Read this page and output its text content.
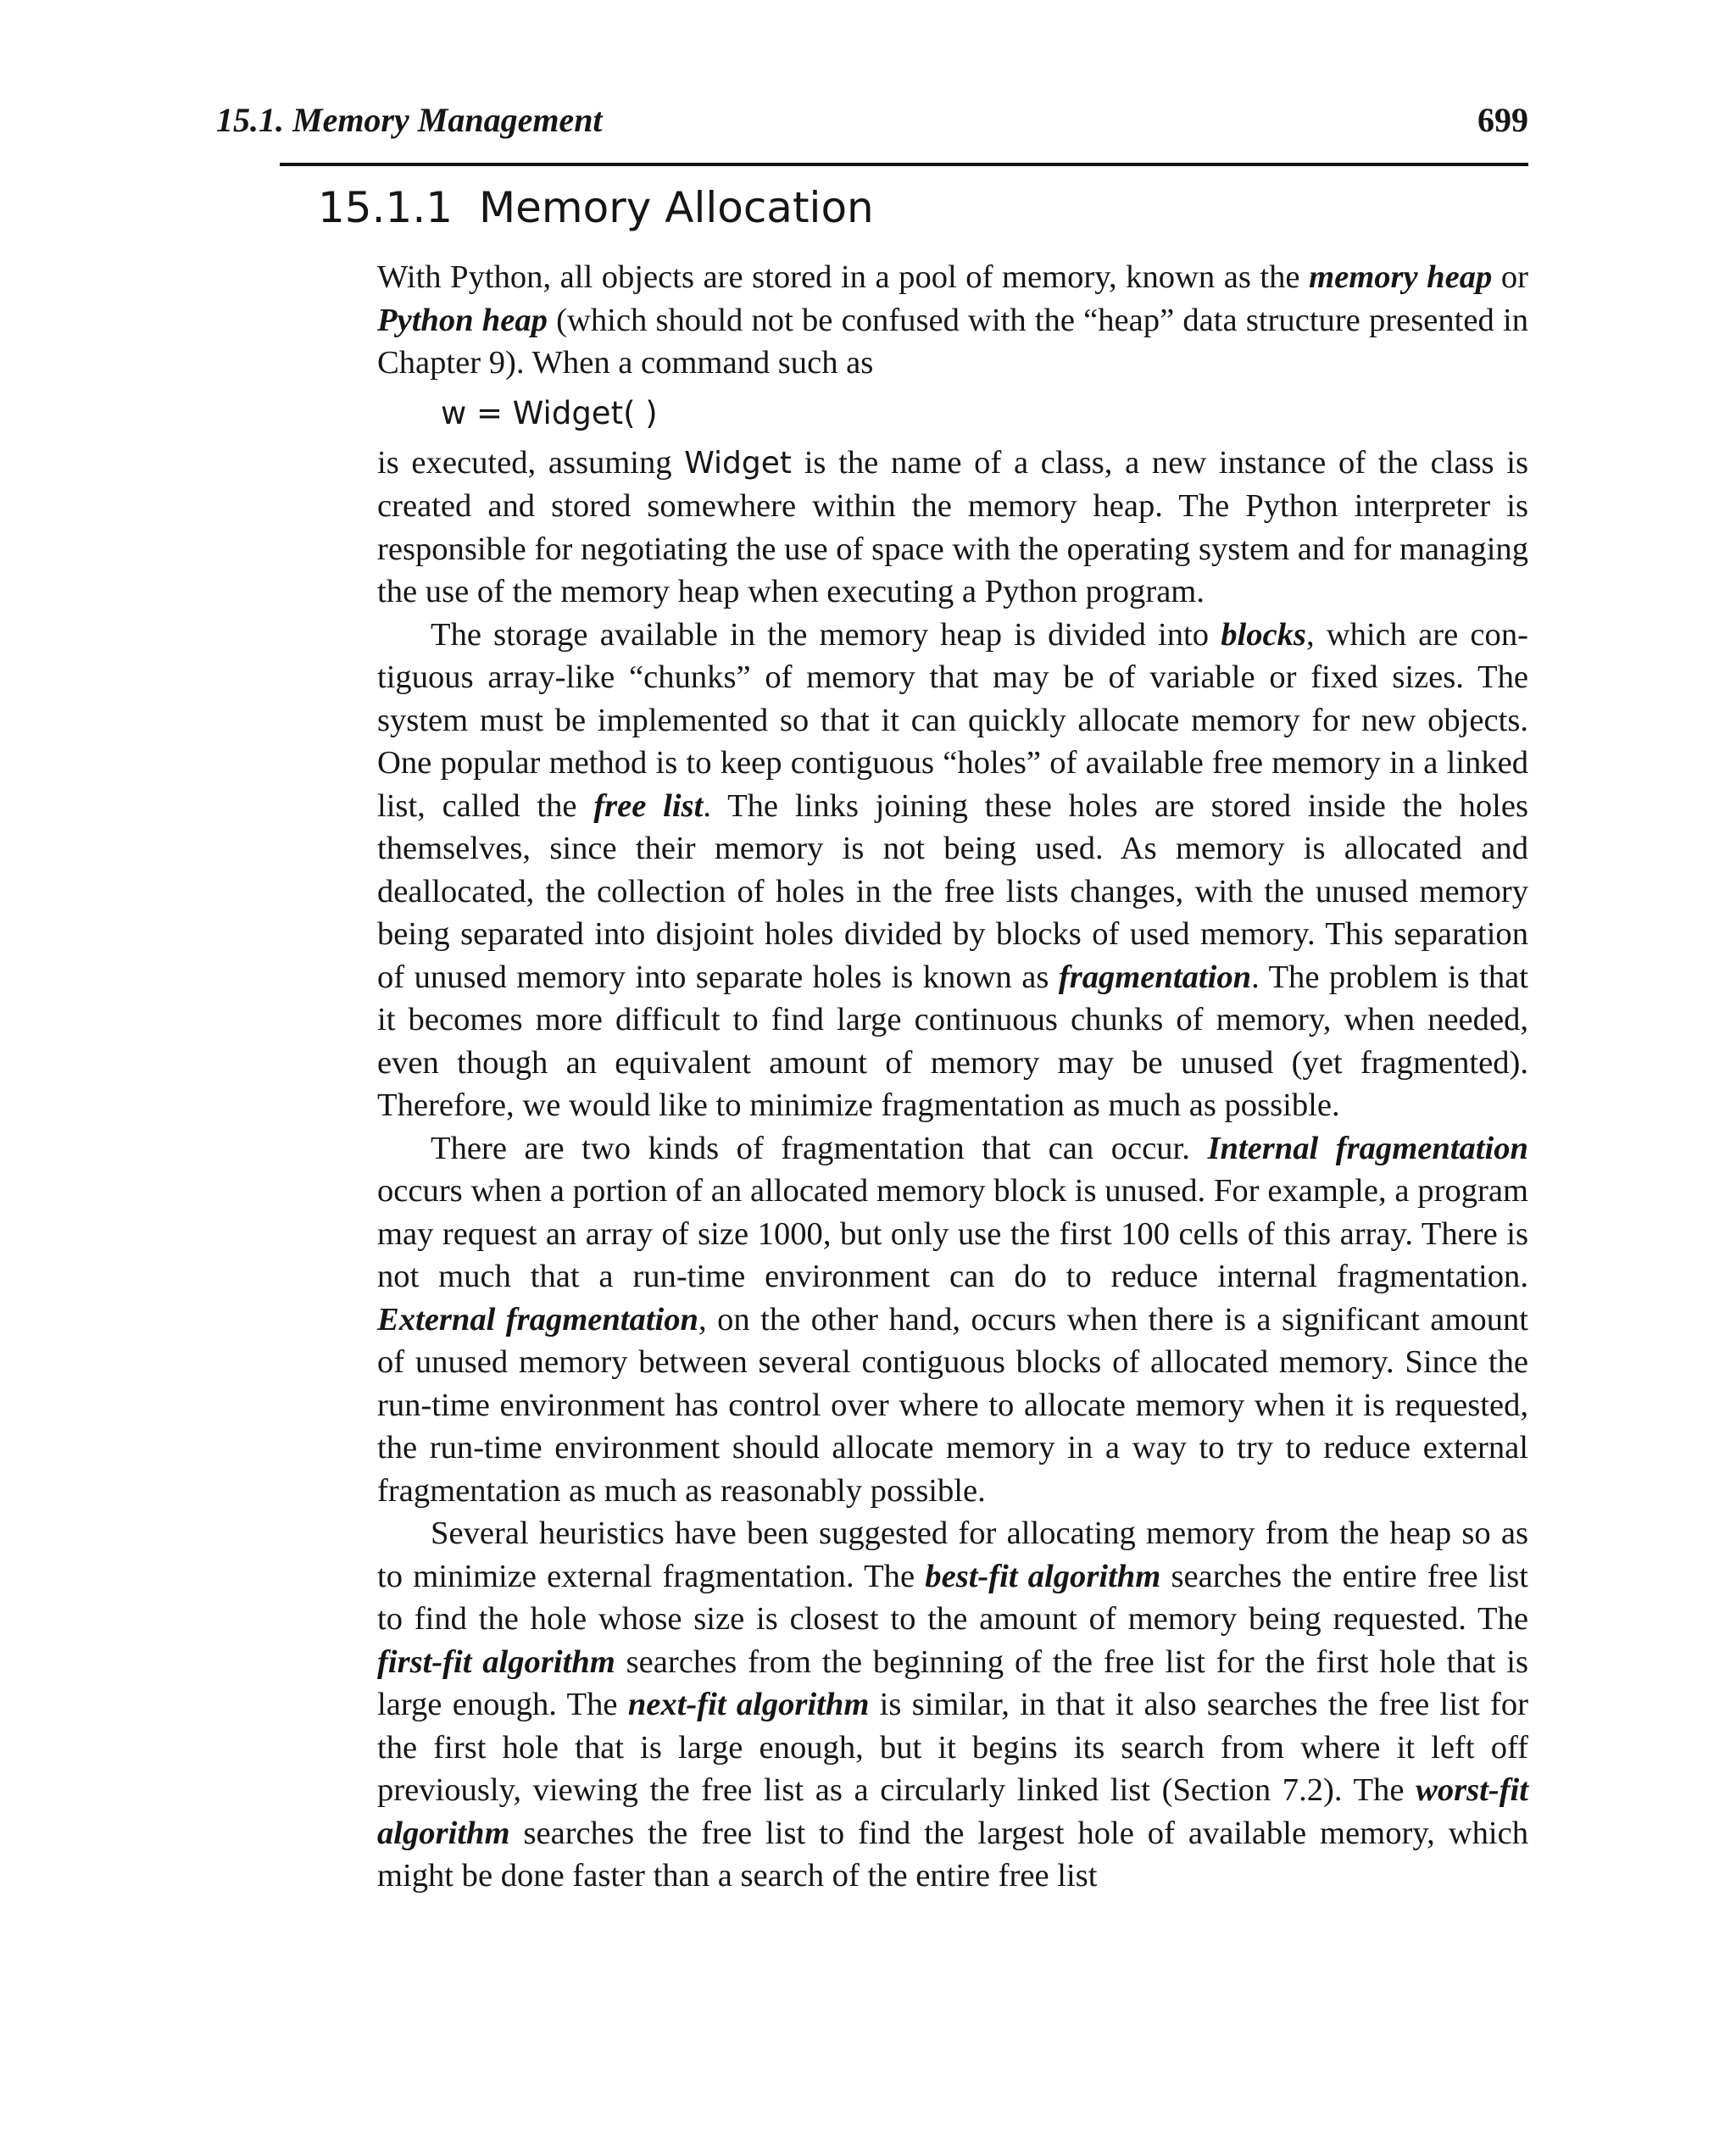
15.1. Memory Management	699
15.1.1 Memory Allocation

With Python, all objects are stored in a pool of memory, known as the memory heap or Python heap (which should not be confused with the “heap” data structure presented in Chapter 9). When a command such as

w = Widget( )

is executed, assuming Widget is the name of a class, a new instance of the class is created and stored somewhere within the memory heap. The Python interpreter is responsible for negotiating the use of space with the operating system and for managing the use of the memory heap when executing a Python program.

The storage available in the memory heap is divided into blocks, which are contiguous array-like “chunks” of memory that may be of variable or fixed sizes. The system must be implemented so that it can quickly allocate memory for new objects. One popular method is to keep contiguous “holes” of available free memory in a linked list, called the free list. The links joining these holes are stored inside the holes themselves, since their memory is not being used. As memory is allocated and deallocated, the collection of holes in the free lists changes, with the unused memory being separated into disjoint holes divided by blocks of used memory. This separation of unused memory into separate holes is known as fragmentation. The problem is that it becomes more difficult to find large continuous chunks of memory, when needed, even though an equivalent amount of memory may be unused (yet fragmented). Therefore, we would like to minimize fragmentation as much as possible.

There are two kinds of fragmentation that can occur. Internal fragmentation occurs when a portion of an allocated memory block is unused. For example, a program may request an array of size 1000, but only use the first 100 cells of this array. There is not much that a run-time environment can do to reduce internal fragmentation. External fragmentation, on the other hand, occurs when there is a significant amount of unused memory between several contiguous blocks of allocated memory. Since the run-time environment has control over where to allocate memory when it is requested, the run-time environment should allocate memory in a way to try to reduce external fragmentation as much as reasonably possible.

Several heuristics have been suggested for allocating memory from the heap so as to minimize external fragmentation. The best-fit algorithm searches the entire free list to find the hole whose size is closest to the amount of memory being requested. The first-fit algorithm searches from the beginning of the free list for the first hole that is large enough. The next-fit algorithm is similar, in that it also searches the free list for the first hole that is large enough, but it begins its search from where it left off previously, viewing the free list as a circularly linked list (Section 7.2). The worst-fit algorithm searches the free list to find the largest hole of available memory, which might be done faster than a search of the entire free list
